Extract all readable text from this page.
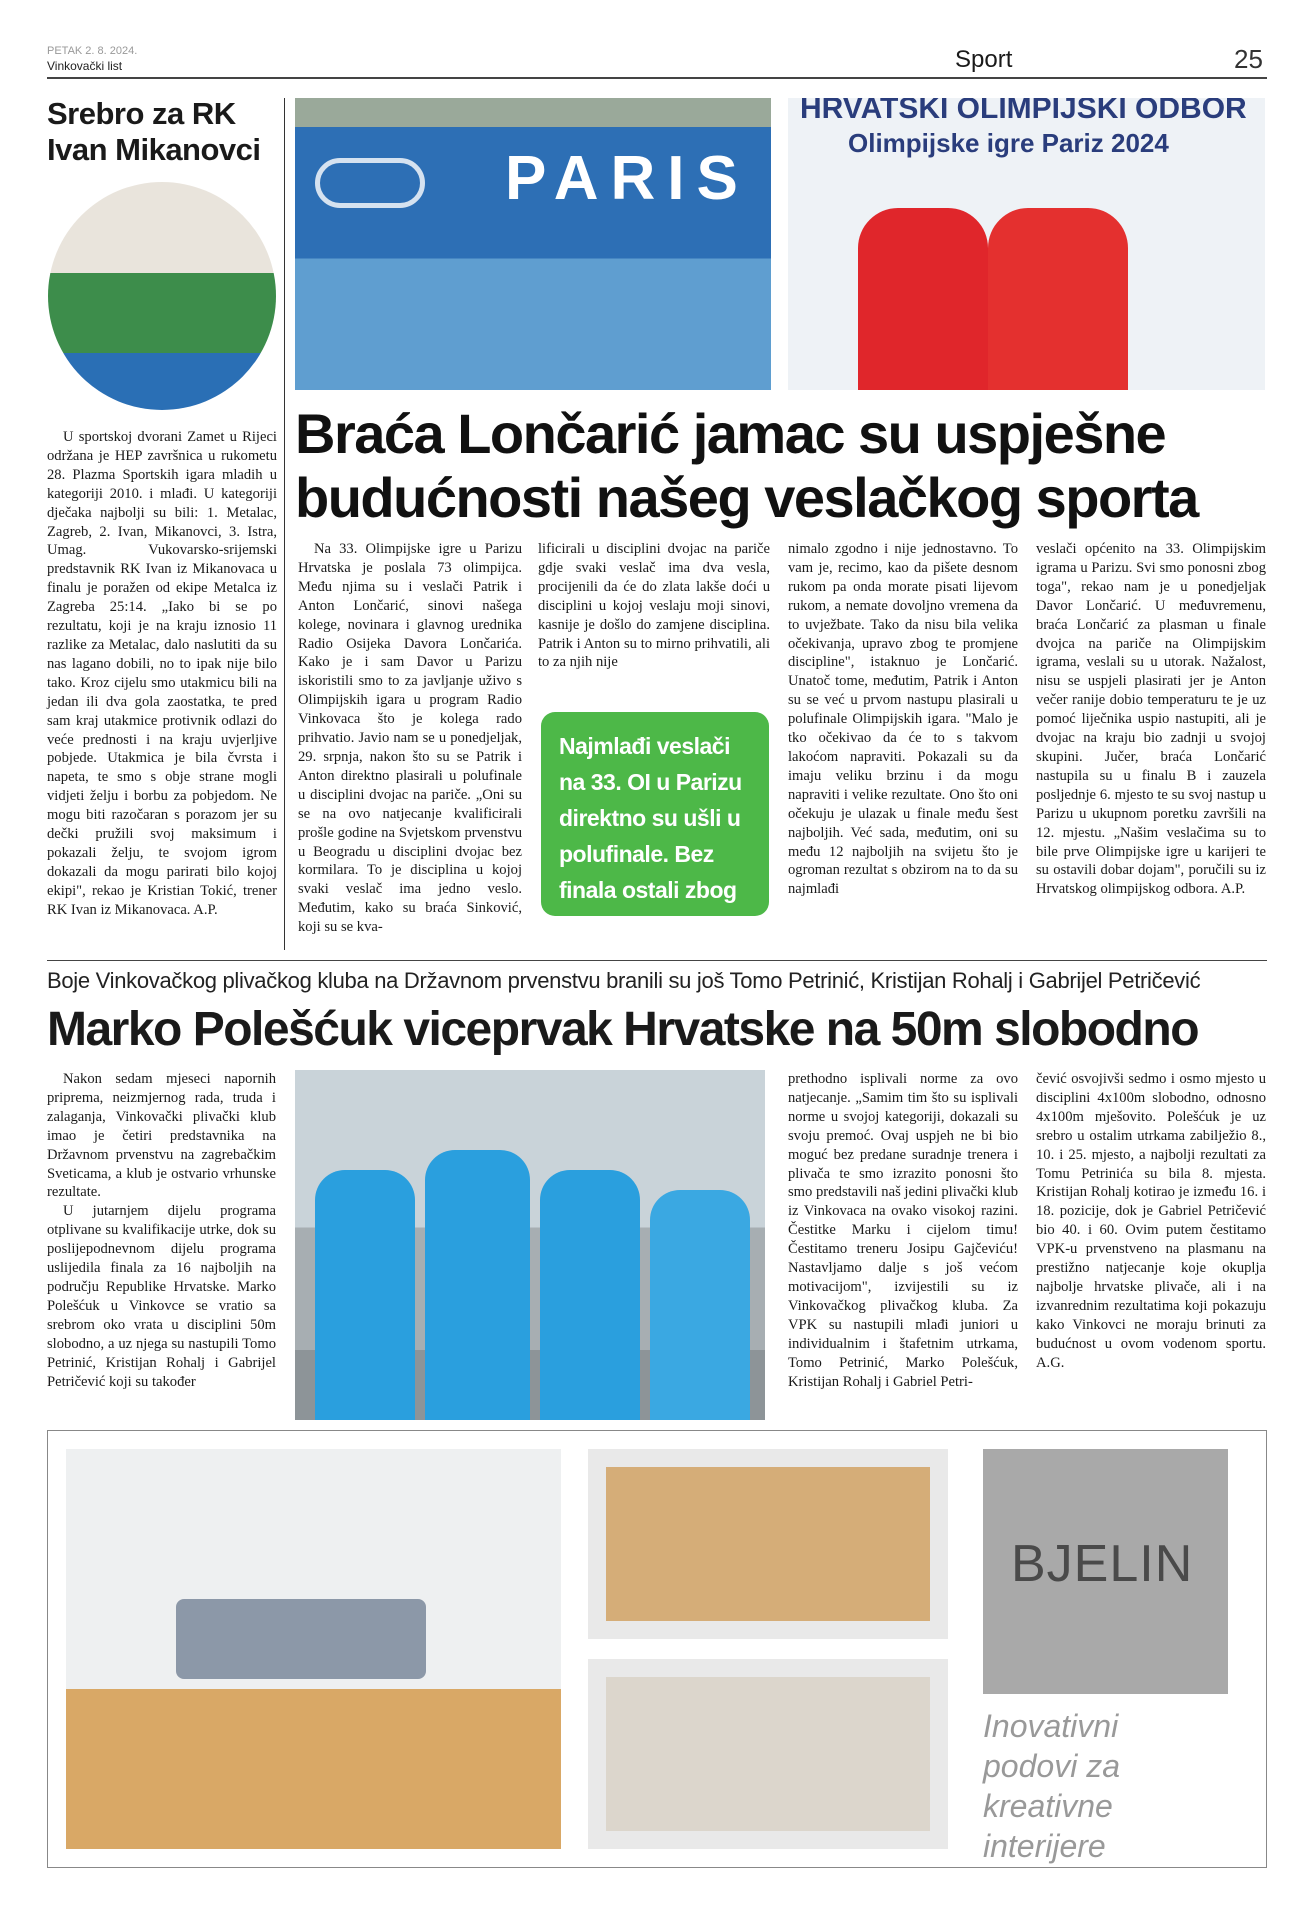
PETAK 2. 8. 2024.
Vinkovački list	Sport	25
Srebro za RK Ivan Mikanovci

U sportskoj dvorani Zamet u Rijeci održana je HEP završnica u rukometu 28. Plazma Sportskih igara mladih u kategoriji 2010. i mlađi. U kategoriji dječaka najbolji su bili: 1. Metalac, Zagreb, 2. Ivan, Mikanovci, 3. Istra, Umag. Vukovarsko-srijemski predstavnik RK Ivan iz Mikanovaca u finalu je poražen od ekipe Metalca iz Zagreba 25:14. „Iako bi se po rezultatu, koji je na kraju iznosio 11 razlike za Metalac, dalo naslutiti da su nas lagano dobili, no to ipak nije bilo tako. Kroz cijelu smo utakmicu bili na jedan ili dva gola zaostatka, te pred sam kraj utakmice protivnik odlazi do veće prednosti i na kraju uvjerljive pobjede. Utakmica je bila čvrsta i napeta, te smo s obje strane mogli vidjeti želju i borbu za pobjedom. Ne mogu biti razočaran s porazom jer su dečki pružili svoj maksimum i pokazali želju, te svojom igrom dokazali da mogu parirati bilo kojoj ekipi", rekao je Kristian Tokić, trener RK Ivan iz Mikanovaca. A.P.

PARIS
HRVATSKI OLIMPIJSKI ODBOR
Olimpijske igre Pariz 2024
Braća Lončarić jamac su uspješne budućnosti našeg veslačkog sporta

Na 33. Olimpijske igre u Parizu Hrvatska je poslala 73 olimpijca. Među njima su i veslači Patrik i Anton Lončarić, sinovi našega kolege, novinara i glavnog urednika Radio Osijeka Davora Lončarića. Kako je i sam Davor u Parizu iskoristili smo to za javljanje uživo s Olimpijskih igara u program Radio Vinkovaca što je kolega rado prihvatio. Javio nam se u ponedjeljak, 29. srpnja, nakon što su se Patrik i Anton direktno plasirali u polufinale u disciplini dvojac na pariče. „Oni su se na ovo natjecanje kvalificirali prošle godine na Svjetskom prvenstvu u Beogradu u disciplini dvojac bez kormilara. To je disciplina u kojoj svaki veslač ima jedno veslo. Međutim, kako su braća Sinković, koji su se kva-

lificirali u disciplini dvojac na pariče gdje svaki veslač ima dva vesla, procijenili da će do zlata lakše doći u disciplini u kojoj veslaju moji sinovi, kasnije je došlo do zamjene disciplina. Patrik i Anton su to mirno prihvatili, ali to za njih nije

Najmlađi veslači na 33. OI u Parizu direktno su ušli u polufinale. Bez finala ostali zbog bolesti

nimalo zgodno i nije jednostavno. To vam je, recimo, kao da pišete desnom rukom pa onda morate pisati lijevom rukom, a nemate dovoljno vremena da to uvježbate. Tako da nisu bila velika očekivanja, upravo zbog te promjene discipline", istaknuo je Lončarić. Unatoč tome, međutim, Patrik i Anton su se već u prvom nastupu plasirali u polufinale Olimpijskih igara. "Malo je tko očekivao da će to s takvom lakoćom napraviti. Pokazali su da imaju veliku brzinu i da mogu napraviti i velike rezultate. Ono što oni očekuju je ulazak u finale među šest najboljih. Već sada, međutim, oni su među 12 najboljih na svijetu što je ogroman rezultat s obzirom na to da su najmlađi

veslači općenito na 33. Olimpijskim igrama u Parizu. Svi smo ponosni zbog toga", rekao nam je u ponedjeljak Davor Lončarić. U međuvremenu, braća Lončarić za plasman u finale dvojca na pariče na Olimpijskim igrama, veslali su u utorak. Nažalost, nisu se uspjeli plasirati jer je Anton večer ranije dobio temperaturu te je uz pomoć liječnika uspio nastupiti, ali je dvojac na kraju bio zadnji u svojoj skupini. Jučer, braća Lončarić nastupila su u finalu B i zauzela posljednje 6. mjesto te su svoj nastup u Parizu u ukupnom poretku završili na 12. mjestu. „Našim veslačima su to bile prve Olimpijske igre u karijeri te su ostavili dobar dojam", poručili su iz Hrvatskog olimpijskog odbora. A.P.

Boje Vinkovačkog plivačkog kluba na Državnom prvenstvu branili su još Tomo Petrinić, Kristijan Rohalj i Gabrijel Petričević
Marko Polešćuk viceprvak Hrvatske na 50m slobodno

Nakon sedam mjeseci napornih priprema, neizmjernog rada, truda i zalaganja, Vinkovački plivački klub imao je četiri predstavnika na Državnom prvenstvu na zagrebačkim Sveticama, a klub je ostvario vrhunske rezultate.

U jutarnjem dijelu programa otplivane su kvalifikacije utrke, dok su poslijepodnevnom dijelu programa uslijedila finala za 16 najboljih na području Republike Hrvatske. Marko Polešćuk u Vinkovce se vratio sa srebrom oko vrata u disciplini 50m slobodno, a uz njega su nastupili Tomo Petrinić, Kristijan Rohalj i Gabrijel Petričević koji su također

prethodno isplivali norme za ovo natjecanje. „Samim tim što su isplivali norme u svojoj kategoriji, dokazali su svoju premoć. Ovaj uspjeh ne bi bio moguć bez predane suradnje trenera i plivača te smo izrazito ponosni što smo predstavili naš jedini plivački klub iz Vinkovaca na ovako visokoj razini. Čestitke Marku i cijelom timu! Čestitamo treneru Josipu Gajčeviću! Nastavljamo dalje s još većom motivacijom", izvijestili su iz Vinkovačkog plivačkog kluba. Za VPK su nastupili mlađi juniori u individualnim i štafetnim utrkama, Tomo Petrinić, Marko Polešćuk, Kristijan Rohalj i Gabriel Petri-

čević osvojivši sedmo i osmo mjesto u disciplini 4x100m slobodno, odnosno 4x100m mješovito. Polešćuk je uz srebro u ostalim utrkama zabilježio 8., 10. i 25. mjesto, a najbolji rezultati za Tomu Petrinića su bila 8. mjesta. Kristijan Rohalj kotirao je između 16. i 18. pozicije, dok je Gabriel Petričević bio 40. i 60. Ovim putem čestitamo VPK-u prvenstveno na plasmanu na prestižno natjecanje koje okuplja najbolje hrvatske plivače, ali i na izvanrednim rezultatima koji pokazuju kako Vinkovci ne moraju brinuti za budućnost u ovom vodenom sportu. A.G.

BJELIN
Inovativni podovi za kreativne interijere
